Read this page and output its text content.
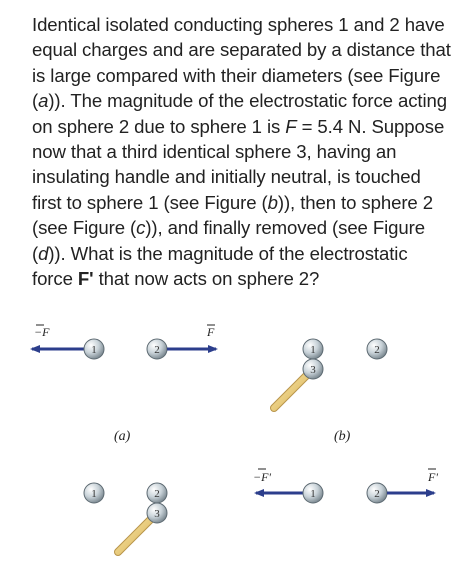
Identical isolated conducting spheres 1 and 2 have equal charges and are separated by a distance that is large compared with their diameters (see Figure (a)). The magnitude of the electrostatic force acting on sphere 2 due to sphere 1 is F = 5.4 N. Suppose now that a third identical sphere 3, having an insulating handle and initially neutral, is touched first to sphere 1 (see Figure (b)), then to sphere 2 (see Figure (c)), and finally removed (see Figure (d)). What is the magnitude of the electrostatic force F' that now acts on sphere 2?

−F
1	2
F
(a)
1
3
2
(b)
1	2
3
−F'
1	2
F'
